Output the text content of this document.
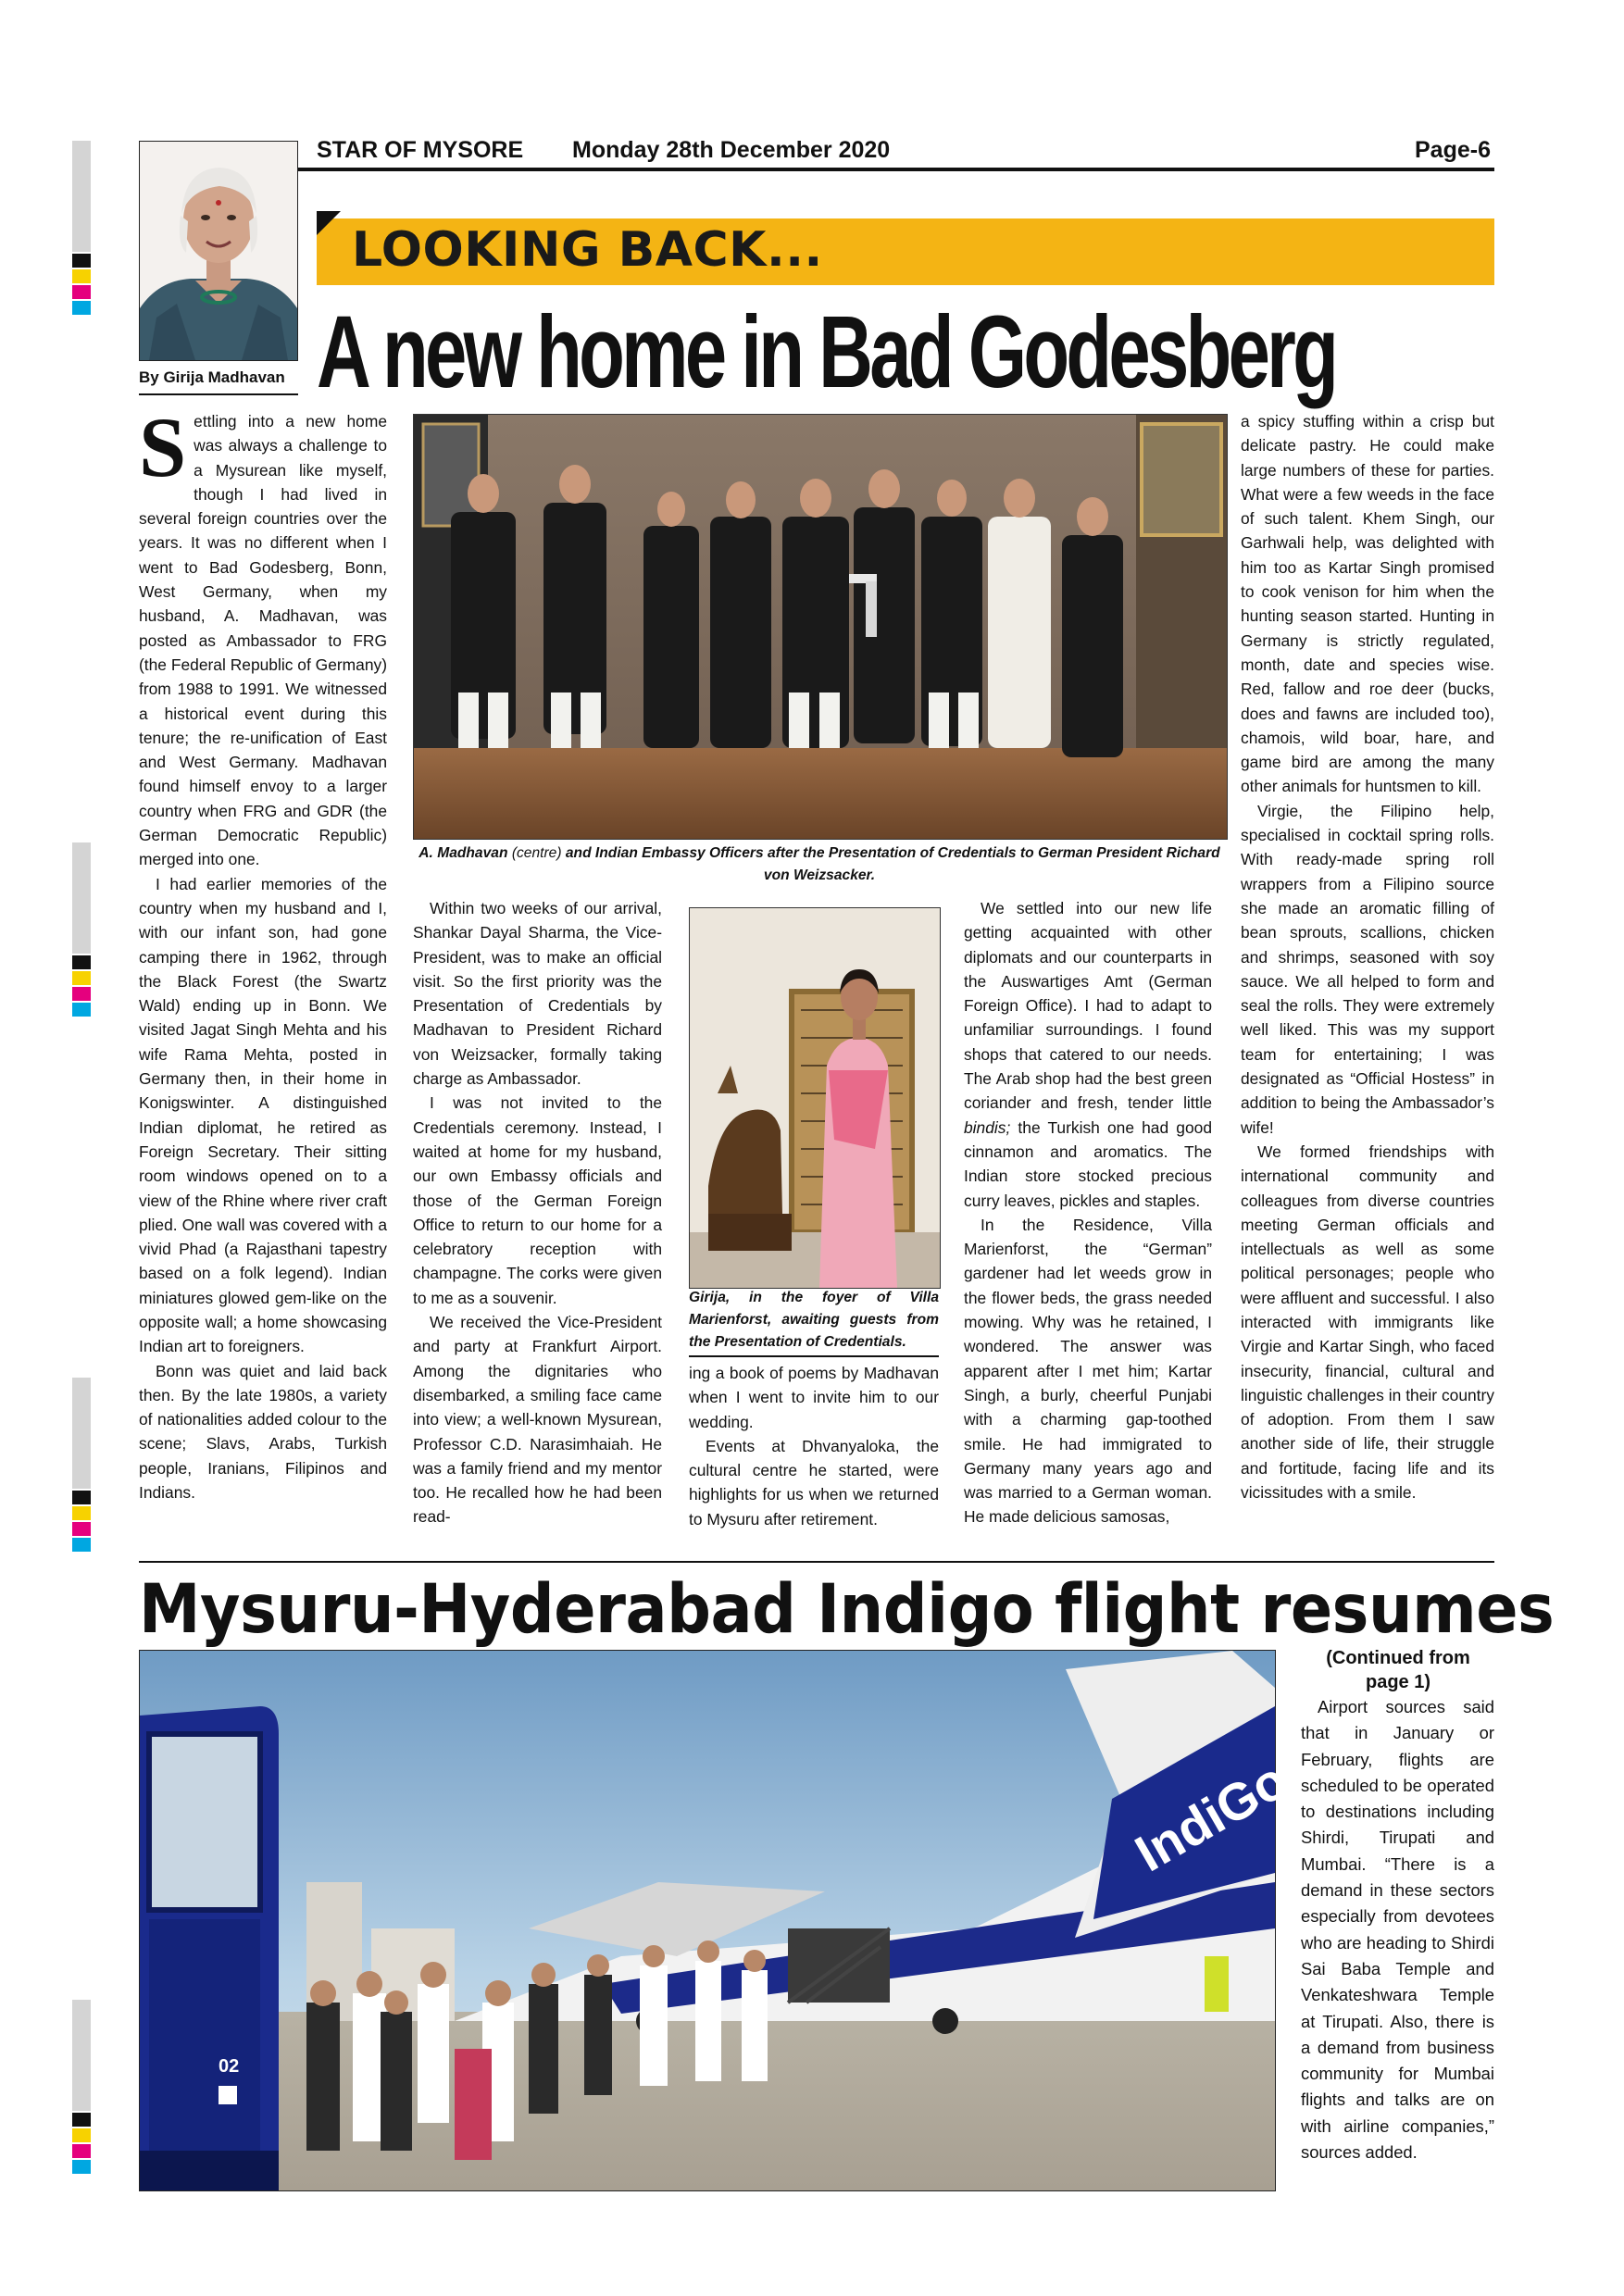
STAR OF MYSORE Monday 28th December 2020	Page-6
By Girija Madhavan
LOOKING BACK...
A new home in Bad Godesberg
A. Madhavan (centre) and Indian Embassy Officers after the Presentation of Credentials to German President Richard von Weizsacker.
Girija, in the foyer of Villa Marienforst, awaiting guests from the Presentation of Credentials.

Settling into a new home was always a challenge to a Mysurean like myself, though I had lived in several foreign countries over the years. It was no different when I went to Bad Godesberg, Bonn, West Germany, when my husband, A. Madhavan, was posted as Ambassador to FRG (the Federal Republic of Germany) from 1988 to 1991. We witnessed a historical event during this tenure; the re-unification of East and West Germany. Madhavan found himself envoy to a larger country when FRG and GDR (the German Democratic Republic) merged into one.

I had earlier memories of the country when my husband and I, with our infant son, had gone camping there in 1962, through the Black Forest (the Swartz Wald) ending up in Bonn. We visited Jagat Singh Mehta and his wife Rama Mehta, posted in Germany then, in their home in Konigswinter. A distinguished Indian diplomat, he retired as Foreign Secretary. Their sitting room windows opened on to a view of the Rhine where river craft plied. One wall was covered with a vivid Phad (a Rajasthani tapestry based on a folk legend). Indian miniatures glowed gem-like on the opposite wall; a home showcasing Indian art to foreigners.

Bonn was quiet and laid back then. By the late 1980s, a variety of nationalities added colour to the scene; Slavs, Arabs, Turkish people, Iranians, Filipinos and Indians.

Within two weeks of our arrival, Shankar Dayal Sharma, the Vice-President, was to make an official visit. So the first priority was the Presentation of Credentials by Madhavan to President Richard von Weizsacker, formally taking charge as Ambassador.

I was not invited to the Credentials ceremony. Instead, I waited at home for my husband, our own Embassy officials and those of the German Foreign Office to return to our home for a celebratory reception with champagne. The corks were given to me as a souvenir.

We received the Vice-President and party at Frankfurt Airport. Among the dignitaries who disembarked, a smiling face came into view; a well-known Mysurean, Professor C.D. Narasimhaiah. He was a family friend and my mentor too. He recalled how he had been read-

ing a book of poems by Madhavan when I went to invite him to our wedding.

Events at Dhvanyaloka, the cultural centre he started, were highlights for us when we returned to Mysuru after retirement.

We settled into our new life getting acquainted with other diplomats and our counterparts in the Auswartiges Amt (German Foreign Office). I had to adapt to unfamiliar surroundings. I found shops that catered to our needs. The Arab shop had the best green coriander and fresh, tender little bindis; the Turkish one had good cinnamon and aromatics. The Indian store stocked precious curry leaves, pickles and staples.

In the Residence, Villa Marienforst, the “German” gardener had let weeds grow in the flower beds, the grass needed mowing. Why was he retained, I wondered. The answer was apparent after I met him; Kartar Singh, a burly, cheerful Punjabi with a charming gap-toothed smile. He had immigrated to Germany many years ago and was married to a German woman. He made delicious samosas,

a spicy stuffing within a crisp but delicate pastry. He could make large numbers of these for parties. What were a few weeds in the face of such talent. Khem Singh, our Garhwali help, was delighted with him too as Kartar Singh promised to cook venison for him when the hunting season started. Hunting in Germany is strictly regulated, month, date and species wise. Red, fallow and roe deer (bucks, does and fawns are included too), chamois, wild boar, hare, and game bird are among the many other animals for huntsmen to kill.

Virgie, the Filipino help, specialised in cocktail spring rolls. With ready-made spring roll wrappers from a Filipino source she made an aromatic filling of bean sprouts, scallions, chicken and shrimps, seasoned with soy sauce. We all helped to form and seal the rolls. They were extremely well liked. This was my support team for entertaining; I was designated as “Official Hostess” in addition to being the Ambassador’s wife!

We formed friendships with international community and colleagues from diverse countries meeting German officials and intellectuals as well as some political personages; people who were affluent and successful. I also interacted with immigrants like Virgie and Kartar Singh, who faced insecurity, financial, cultural and linguistic challenges in their country of adoption. From them I saw another side of life, their struggle and fortitude, facing life and its vicissitudes with a smile.

Mysuru-Hyderabad Indigo flight resumes
IndiGo
02
(Continued from page 1)

Airport sources said that in January or February, flights are scheduled to be operated to destinations including Shirdi, Tirupati and Mumbai. “There is a demand in these sectors especially from devotees who are heading to Shirdi Sai Baba Temple and Venkateshwara Temple at Tirupati. Also, there is a demand from business community for Mumbai flights and talks are on with airline companies,” sources added.
